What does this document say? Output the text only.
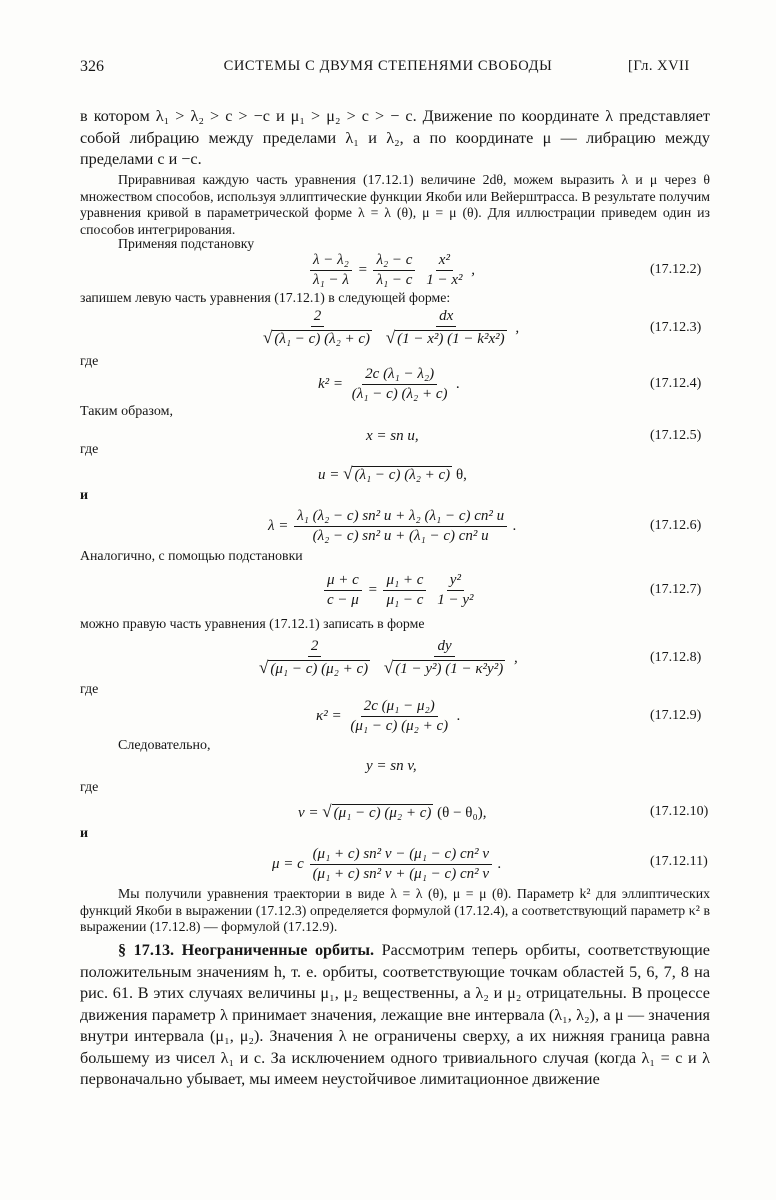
326	СИСТЕМЫ С ДВУМЯ СТЕПЕНЯМИ СВОБОДЫ	[Гл. XVII
в котором λ₁ > λ₂ > c > −c и μ₁ > μ₂ > c > − c. Движение по координате λ представляет собой либрацию между пределами λ₁ и λ₂, а по координате μ — либрацию между пределами c и −c.
Приравнивая каждую часть уравнения (17.12.1) величине 2dθ, можем выразить λ и μ через θ множеством способов, используя эллиптические функции Якоби или Вейерштрасса. В результате получим уравнения кривой в параметрической форме λ = λ (θ), μ = μ (θ). Для иллюстрации приведем один из способов интегрирования.
Применяя подстановку
$\frac{\text{λ − λ₂}}{\text{λ₁ − λ}} = \frac{\text{λ₂ − c}}{\text{λ₁ − c}}$
$\frac{\text{x²}}{\text{1 − x²}}$ ,	(17.12.2)
запишем левую часть уравнения (17.12.1) в следующей форме:
$\frac{2}{\text{√ (λ₁ − c) (λ₂ + c)}}$
$\frac{dx}{\text{√ (1 − x²) (1 − k²x²)}}$ ,	(17.12.3)
где
$k^2 = \frac{\text{2c (λ₁ − λ₂)}}{\text{(λ₁ − c) (λ₂ + c)}}$ .	(17.12.4)
Таким образом,
x = sn u,	(17.12.5)
где
u = √ (λ₁ − c) (λ₂ + c) θ,
и
$\lambda = \frac{\text{λ₁ (λ₂ − c) sn² u + λ₂ (λ₁ − c) cn² u}}{\text{(λ₂ − c) sn² u + (λ₁ − c) cn² u}}$ .	(17.12.6)
Аналогично, с помощью подстановки
$\frac{\mu + c}{c - \mu} = \frac{\text{μ₁ + c}}{\text{μ₁ − c}}$
$\frac{\text{y²}}{\text{1 − y²}}$	(17.12.7)
можно правую часть уравнения (17.12.1) записать в форме
$\frac{2}{\text{√ (μ₁ − c) (μ₂ + c)}}$
$\frac{dy}{\text{√ (1 − y²) (1 − κ²y²)}}$ ,	(17.12.8)
где
$\kappa^2 = \frac{\text{2c (μ₁ − μ₂)}}{\text{(μ₁ − c) (μ₂ + c)}}$ .	(17.12.9)
Следовательно,
y = sn v,
где
v = √ (μ₁ − c) (μ₂ + c) (θ − θ₀),	(17.12.10)
и
μ = c $\frac{\text{(μ₁ + c) sn² v − (μ₁ − c) cn² v}}{\text{(μ₁ + c) sn² v + (μ₁ − c) cn² v}}$ .	(17.12.11)
Мы получили уравнения траектории в виде λ = λ (θ), μ = μ (θ). Параметр k² для эллиптических функций Якоби в выражении (17.12.3) определяется формулой (17.12.4), а соответствующий параметр κ² в выражении (17.12.8) — формулой (17.12.9).
§ 17.13. Неограниченные орбиты. Рассмотрим теперь орбиты, соответствующие положительным значениям h, т. е. орбиты, соответствующие точкам областей 5, 6, 7, 8 на рис. 61. В этих случаях величины μ₁, μ₂ вещественны, а λ₂ и μ₂ отрицательны. В процессе движения параметр λ принимает значения, лежащие вне интервала (λ₁, λ₂), а μ — значения внутри интервала (μ₁, μ₂). Значения λ не ограничены сверху, а их нижняя граница равна большему из чисел λ₁ и c. За исключением одного тривиального случая (когда λ₁ = c и λ первоначально убывает, мы имеем неустойчивое лимитационное движение
